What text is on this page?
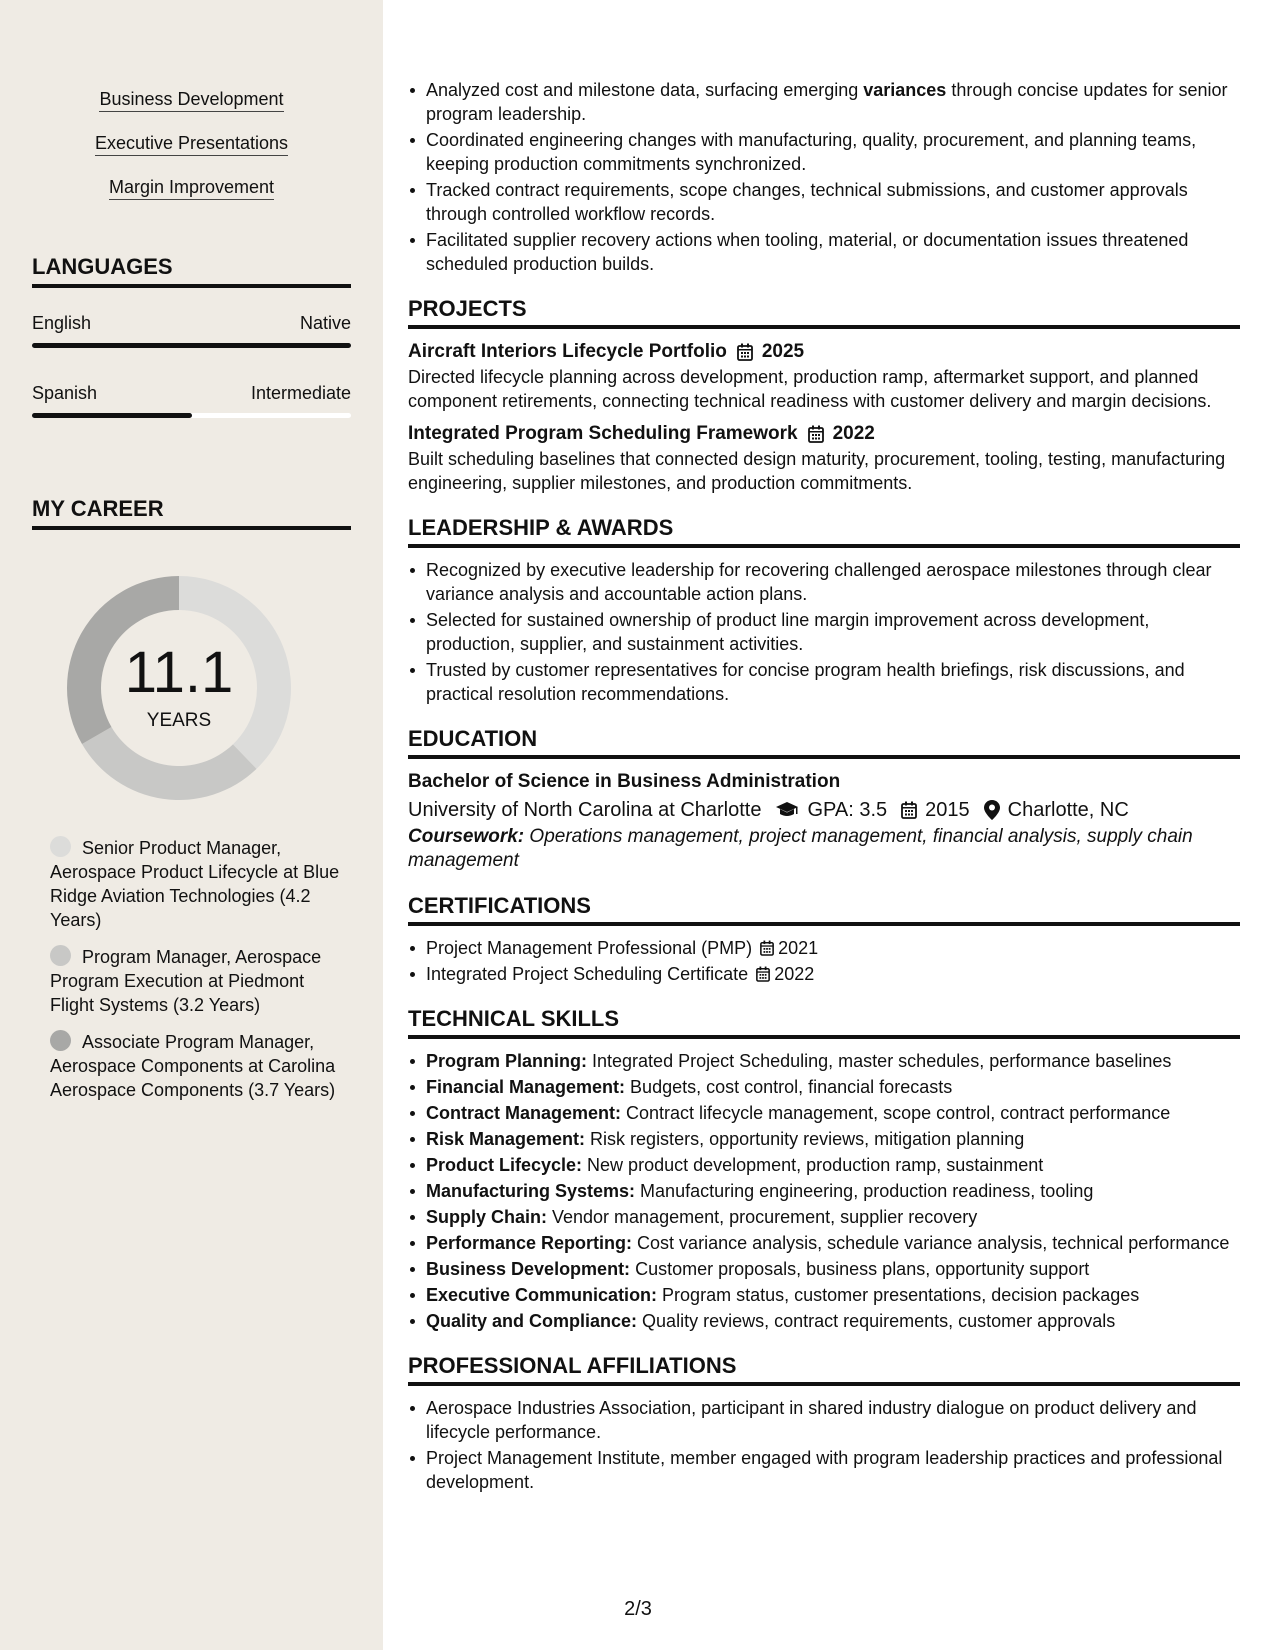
Business Development
Executive Presentations
Margin Improvement
LANGUAGES
English	Native
Spanish	Intermediate
MY CAREER
11.1
YEARS
Senior Product Manager, Aerospace Product Lifecycle at Blue Ridge Aviation Technologies (4.2 Years)
Program Manager, Aerospace Program Execution at Piedmont Flight Systems (3.2 Years)
Associate Program Manager, Aerospace Components at Carolina Aerospace Components (3.7 Years)
Analyzed cost and milestone data, surfacing emerging variances through concise updates for senior program leadership.
Coordinated engineering changes with manufacturing, quality, procurement, and planning teams, keeping production commitments synchronized.
Tracked contract requirements, scope changes, technical submissions, and customer approvals through controlled workflow records.
Facilitated supplier recovery actions when tooling, material, or documentation issues threatened scheduled production builds.
PROJECTS
Aircraft Interiors Lifecycle Portfolio 2025
Directed lifecycle planning across development, production ramp, aftermarket support, and planned component retirements, connecting technical readiness with customer delivery and margin decisions.
Integrated Program Scheduling Framework 2022
Built scheduling baselines that connected design maturity, procurement, tooling, testing, manufacturing engineering, supplier milestones, and production commitments.
LEADERSHIP & AWARDS
Recognized by executive leadership for recovering challenged aerospace milestones through clear variance analysis and accountable action plans.
Selected for sustained ownership of product line margin improvement across development, production, supplier, and sustainment activities.
Trusted by customer representatives for concise program health briefings, risk discussions, and practical resolution recommendations.
EDUCATION
Bachelor of Science in Business Administration
University of North Carolina at Charlotte GPA: 3.5 2015 Charlotte, NC
Coursework: Operations management, project management, financial analysis, supply chain management
CERTIFICATIONS
Project Management Professional (PMP) 2021
Integrated Project Scheduling Certificate 2022
TECHNICAL SKILLS
Program Planning: Integrated Project Scheduling, master schedules, performance baselines
Financial Management: Budgets, cost control, financial forecasts
Contract Management: Contract lifecycle management, scope control, contract performance
Risk Management: Risk registers, opportunity reviews, mitigation planning
Product Lifecycle: New product development, production ramp, sustainment
Manufacturing Systems: Manufacturing engineering, production readiness, tooling
Supply Chain: Vendor management, procurement, supplier recovery
Performance Reporting: Cost variance analysis, schedule variance analysis, technical performance
Business Development: Customer proposals, business plans, opportunity support
Executive Communication: Program status, customer presentations, decision packages
Quality and Compliance: Quality reviews, contract requirements, customer approvals
PROFESSIONAL AFFILIATIONS
Aerospace Industries Association, participant in shared industry dialogue on product delivery and lifecycle performance.
Project Management Institute, member engaged with program leadership practices and professional development.
2/3
